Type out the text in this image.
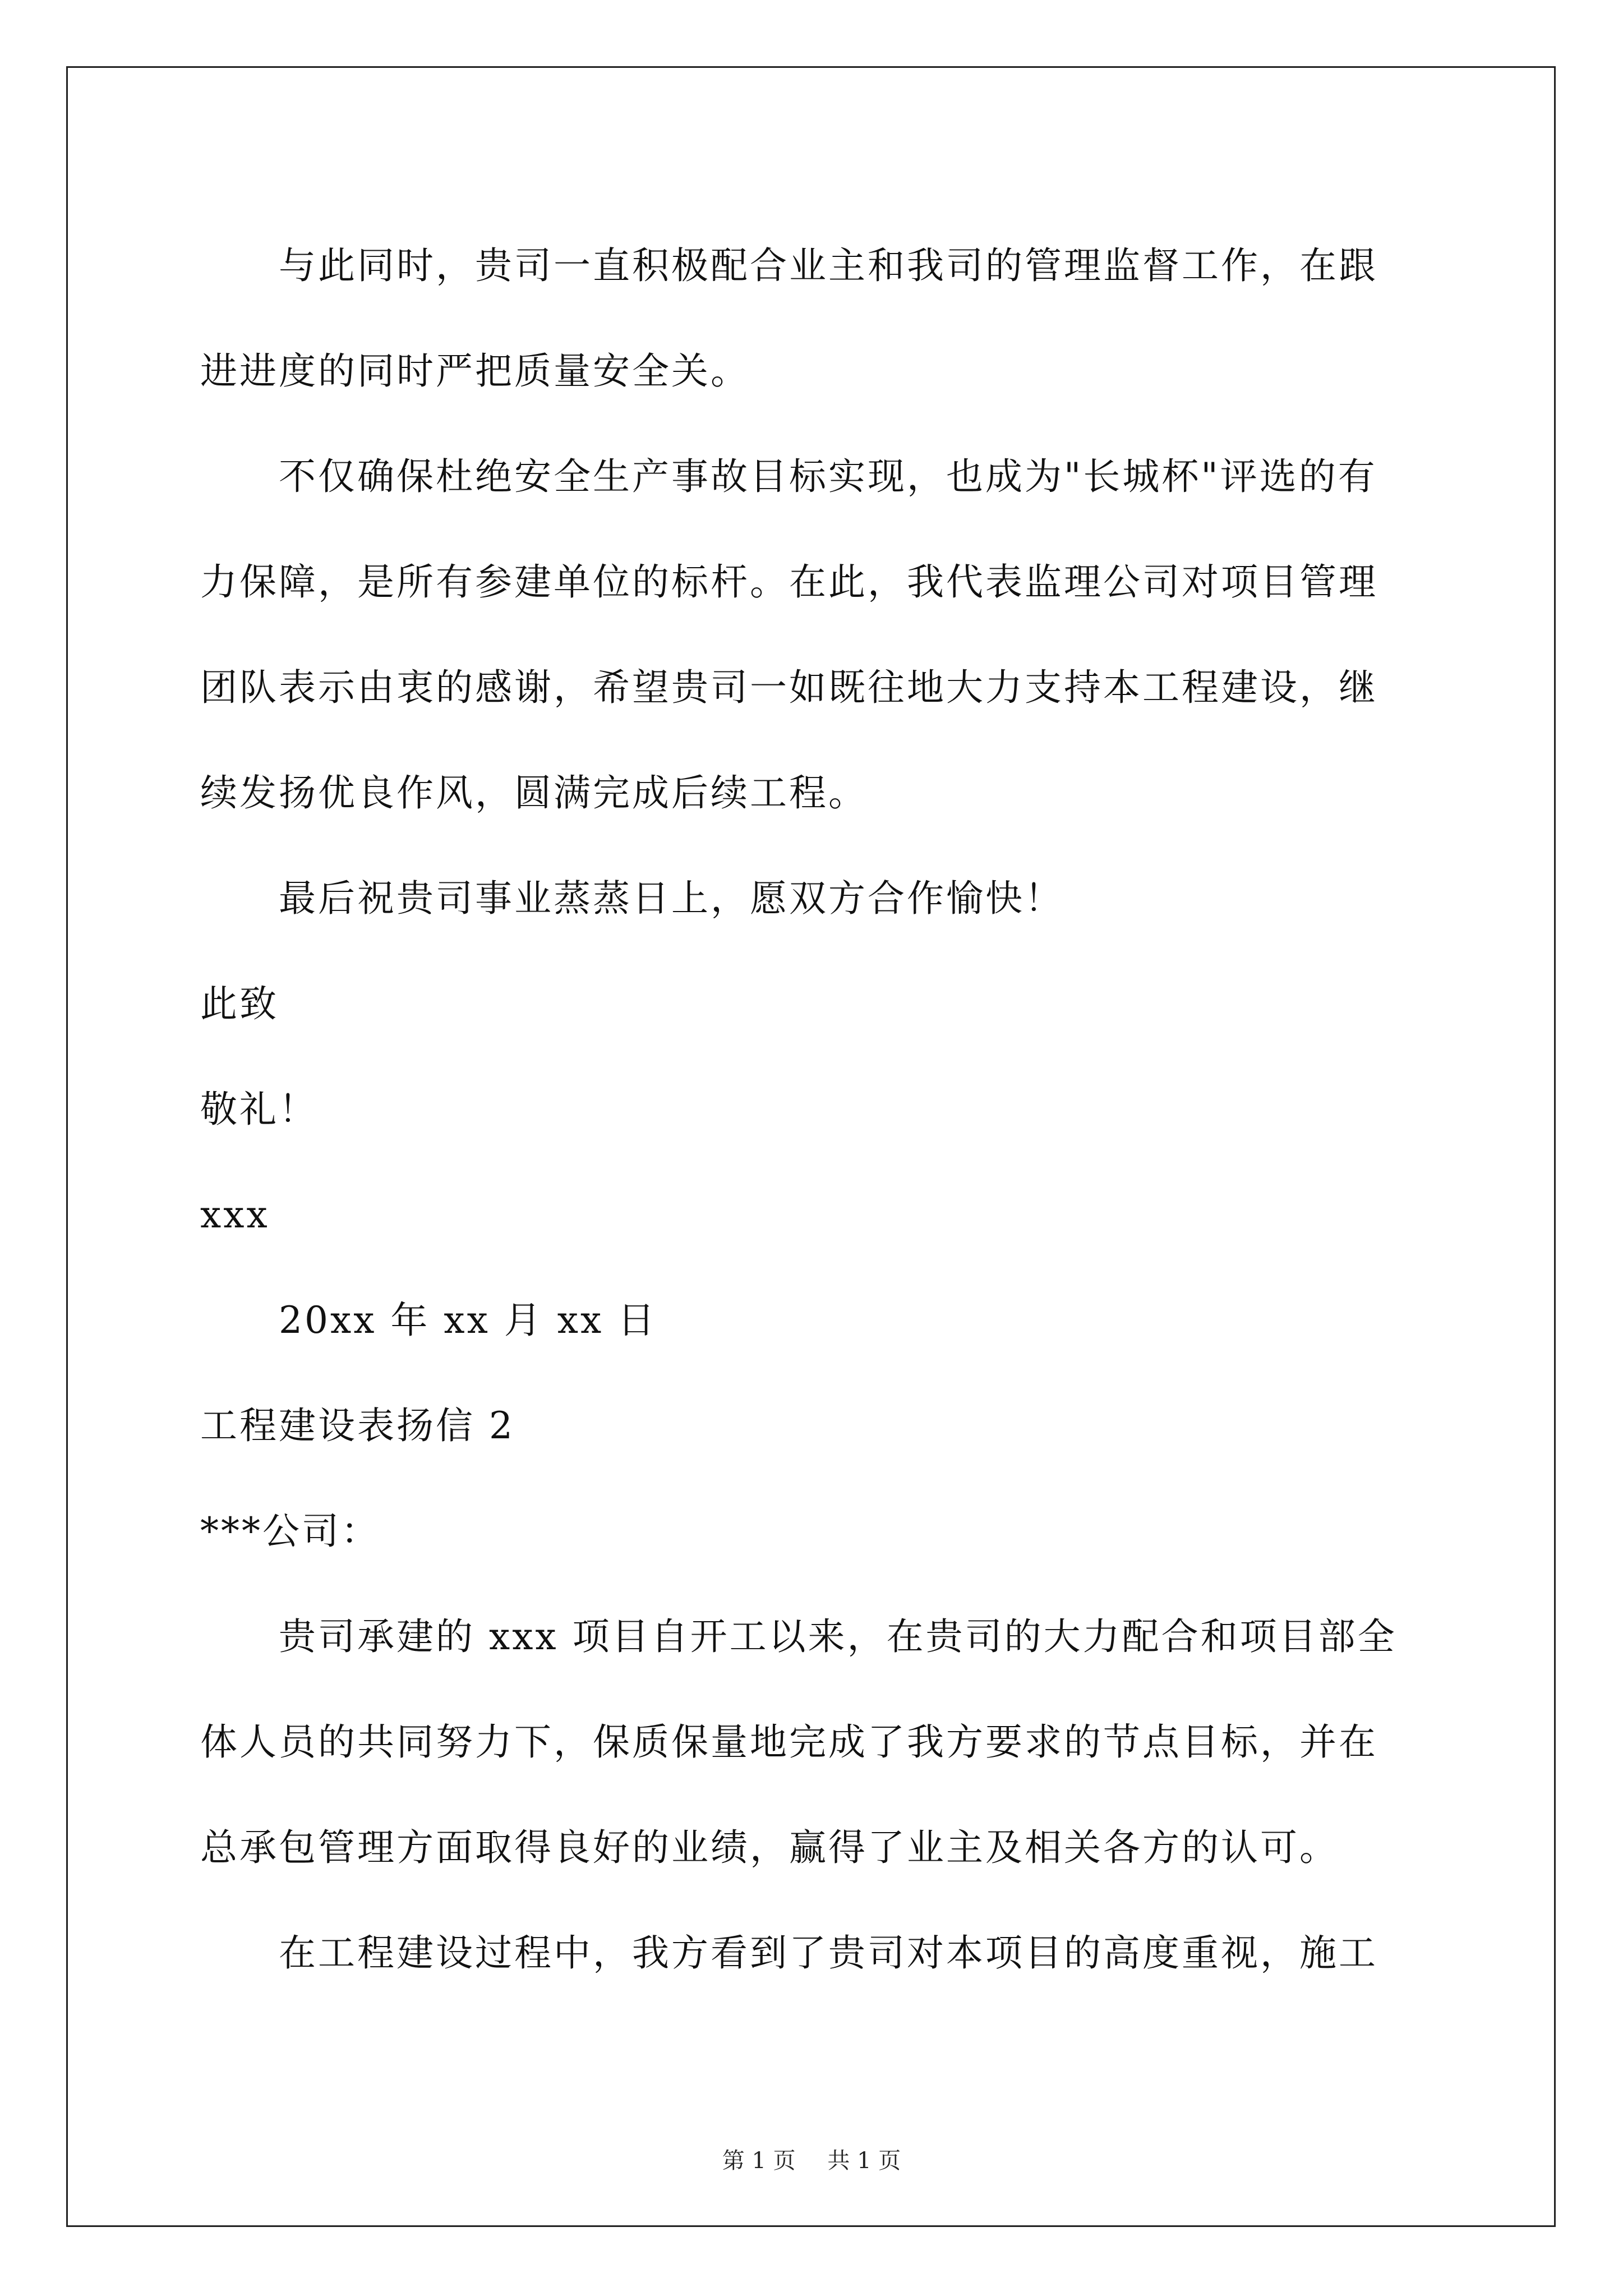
与此同时，贵司一直积极配合业主和我司的管理监督工作，在跟
进进度的同时严把质量安全关。
不仅确保杜绝安全生产事故目标实现，也成为"长城杯"评选的有
力保障，是所有参建单位的标杆。在此，我代表监理公司对项目管理
团队表示由衷的感谢，希望贵司一如既往地大力支持本工程建设，继
续发扬优良作风，圆满完成后续工程。
最后祝贵司事业蒸蒸日上，愿双方合作愉快！
此致
敬礼！
xxx
20xx 年 xx 月 xx 日
工程建设表扬信 2
***公司：
贵司承建的 xxx 项目自开工以来，在贵司的大力配合和项目部全
体人员的共同努力下，保质保量地完成了我方要求的节点目标，并在
总承包管理方面取得良好的业绩，赢得了业主及相关各方的认可。
在工程建设过程中，我方看到了贵司对本项目的高度重视，施工
第 1 页 共 1 页
